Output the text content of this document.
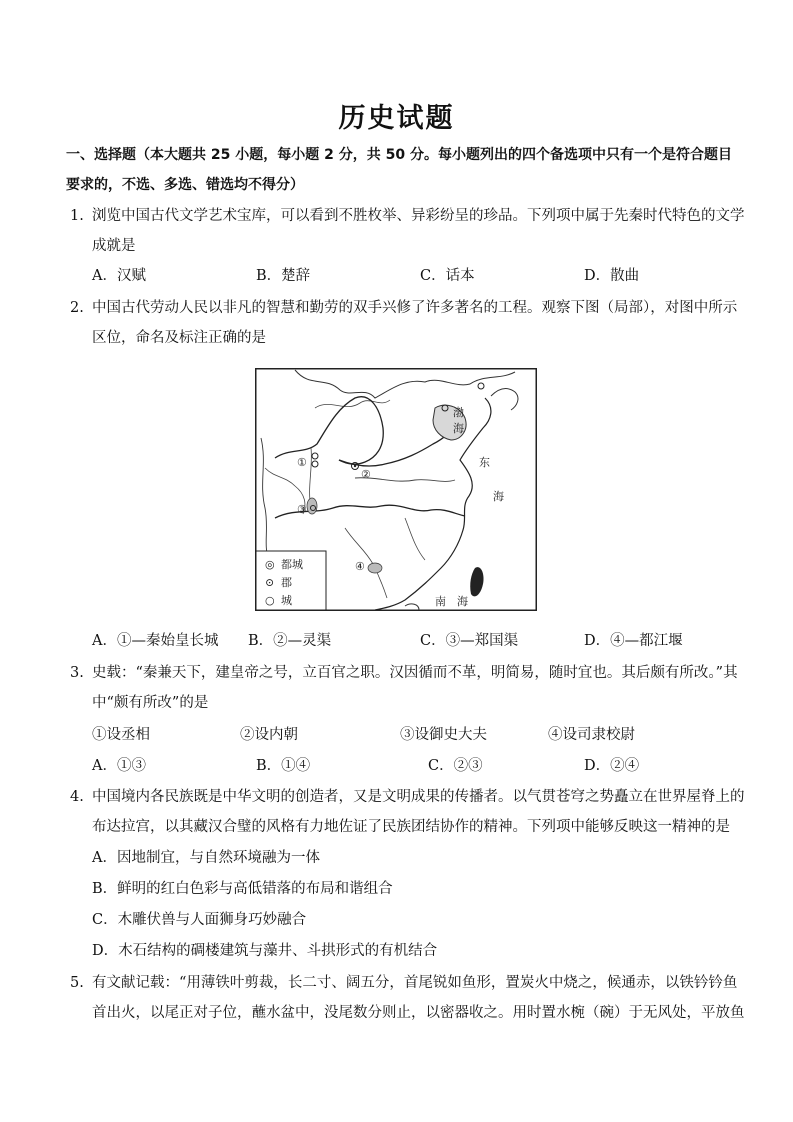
历史试题
一、选择题（本大题共 25 小题，每小题 2 分，共 50 分。每小题列出的四个备选项中只有一个是符合题目
要求的，不选、多选、错选均不得分）
1. 浏览中国古代文学艺术宝库，可以看到不胜枚举、异彩纷呈的珍品。下列项中属于先秦时代特色的文学
成就是
A．汉赋	B．楚辞	C．话本	D．散曲
2. 中国古代劳动人民以非凡的智慧和勤劳的双手兴修了许多著名的工程。观察下图（局部），对图中所示
区位，命名及标注正确的是
①
②
③
④
渤
海
东
海
南 海
◎ 都城
⊙ 郡
○ 城
A．①—秦始皇长城 B．②—灵渠	C．③—郑国渠	D．④—都江堰
3. 史载：“秦兼天下，建皇帝之号，立百官之职。汉因循而不革，明简易，随时宜也。其后颇有所改。”其
中“颇有所改”的是
①设丞相	②设内朝	③设御史大夫	④设司隶校尉
A．①③	B．①④	C．②③	D．②④
4. 中国境内各民族既是中华文明的创造者，又是文明成果的传播者。以气贯苍穹之势矗立在世界屋脊上的
布达拉宫，以其藏汉合璧的风格有力地佐证了民族团结协作的精神。下列项中能够反映这一精神的是
A．因地制宜，与自然环境融为一体
B．鲜明的红白色彩与高低错落的布局和谐组合
C．木雕伏兽与人面狮身巧妙融合
D．木石结构的碉楼建筑与藻井、斗拱形式的有机结合
5. 有文献记载：“用薄铁叶剪裁，长二寸、阔五分，首尾锐如鱼形，置炭火中烧之，候通赤，以铁钤钤鱼
首出火，以尾正对子位，蘸水盆中，没尾数分则止，以密器收之。用时置水椀（碗）于无风处，平放鱼
